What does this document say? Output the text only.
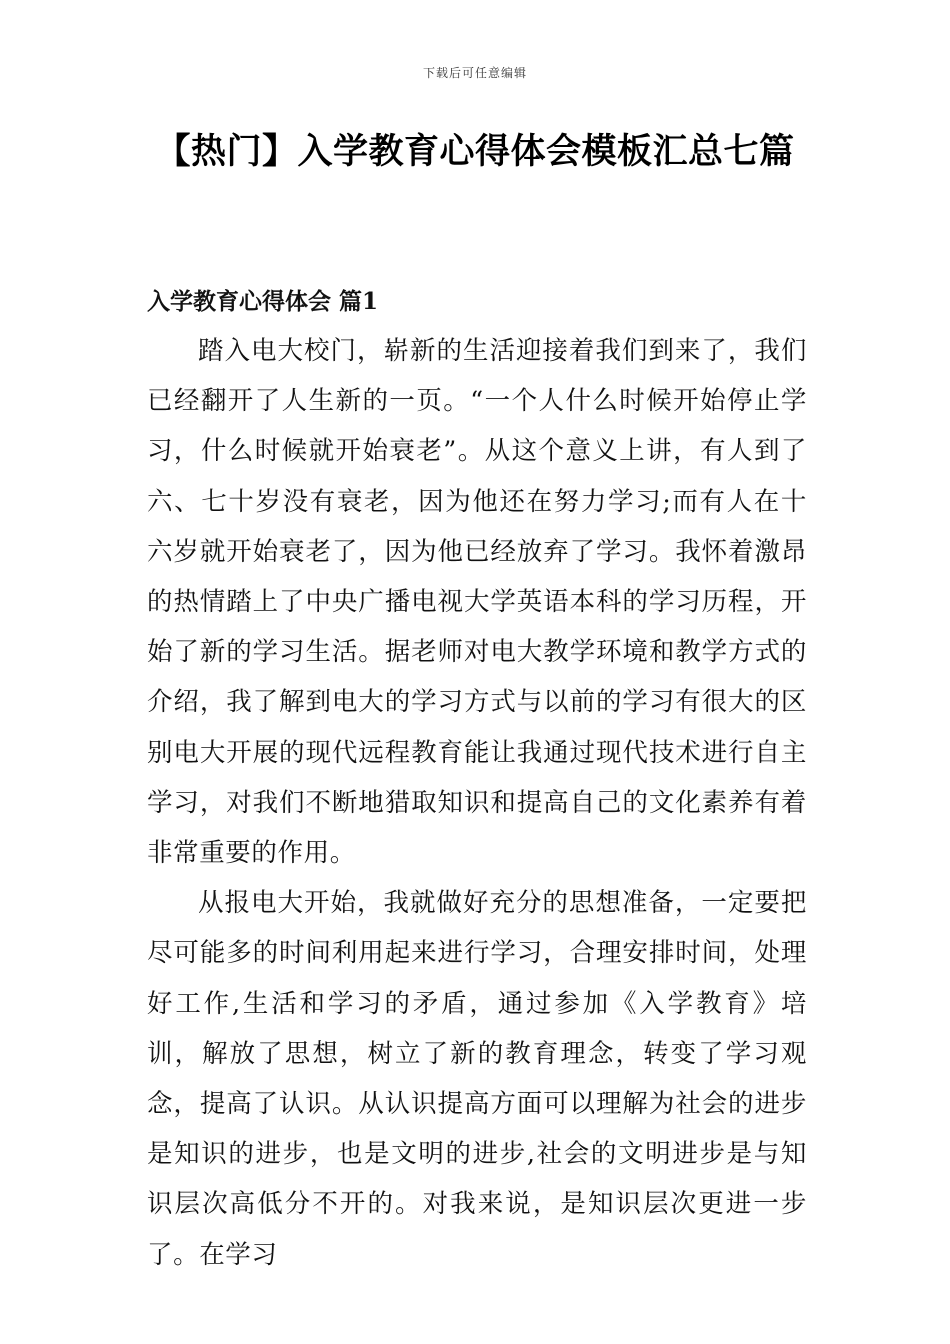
下载后可任意编辑
【热门】入学教育心得体会模板汇总七篇
入学教育心得体会 篇1

踏入电大校门，崭新的生活迎接着我们到来了，我们已经翻开了人生新的一页。“一个人什么时候开始停止学习，什么时候就开始衰老”。从这个意义上讲，有人到了六、七十岁没有衰老，因为他还在努力学习;而有人在十六岁就开始衰老了，因为他已经放弃了学习。我怀着激昂的热情踏上了中央广播电视大学英语本科的学习历程，开始了新的学习生活。据老师对电大教学环境和教学方式的介绍，我了解到电大的学习方式与以前的学习有很大的区别电大开展的现代远程教育能让我通过现代技术进行自主学习，对我们不断地猎取知识和提高自己的文化素养有着非常重要的作用。

从报电大开始，我就做好充分的思想准备，一定要把尽可能多的时间利用起来进行学习，合理安排时间，处理好工作,生活和学习的矛盾，通过参加《入学教育》培训，解放了思想，树立了新的教育理念，转变了学习观念，提高了认识。从认识提高方面可以理解为社会的进步是知识的进步，也是文明的进步,社会的文明进步是与知识层次高低分不开的。对我来说，是知识层次更进一步了。在学习
